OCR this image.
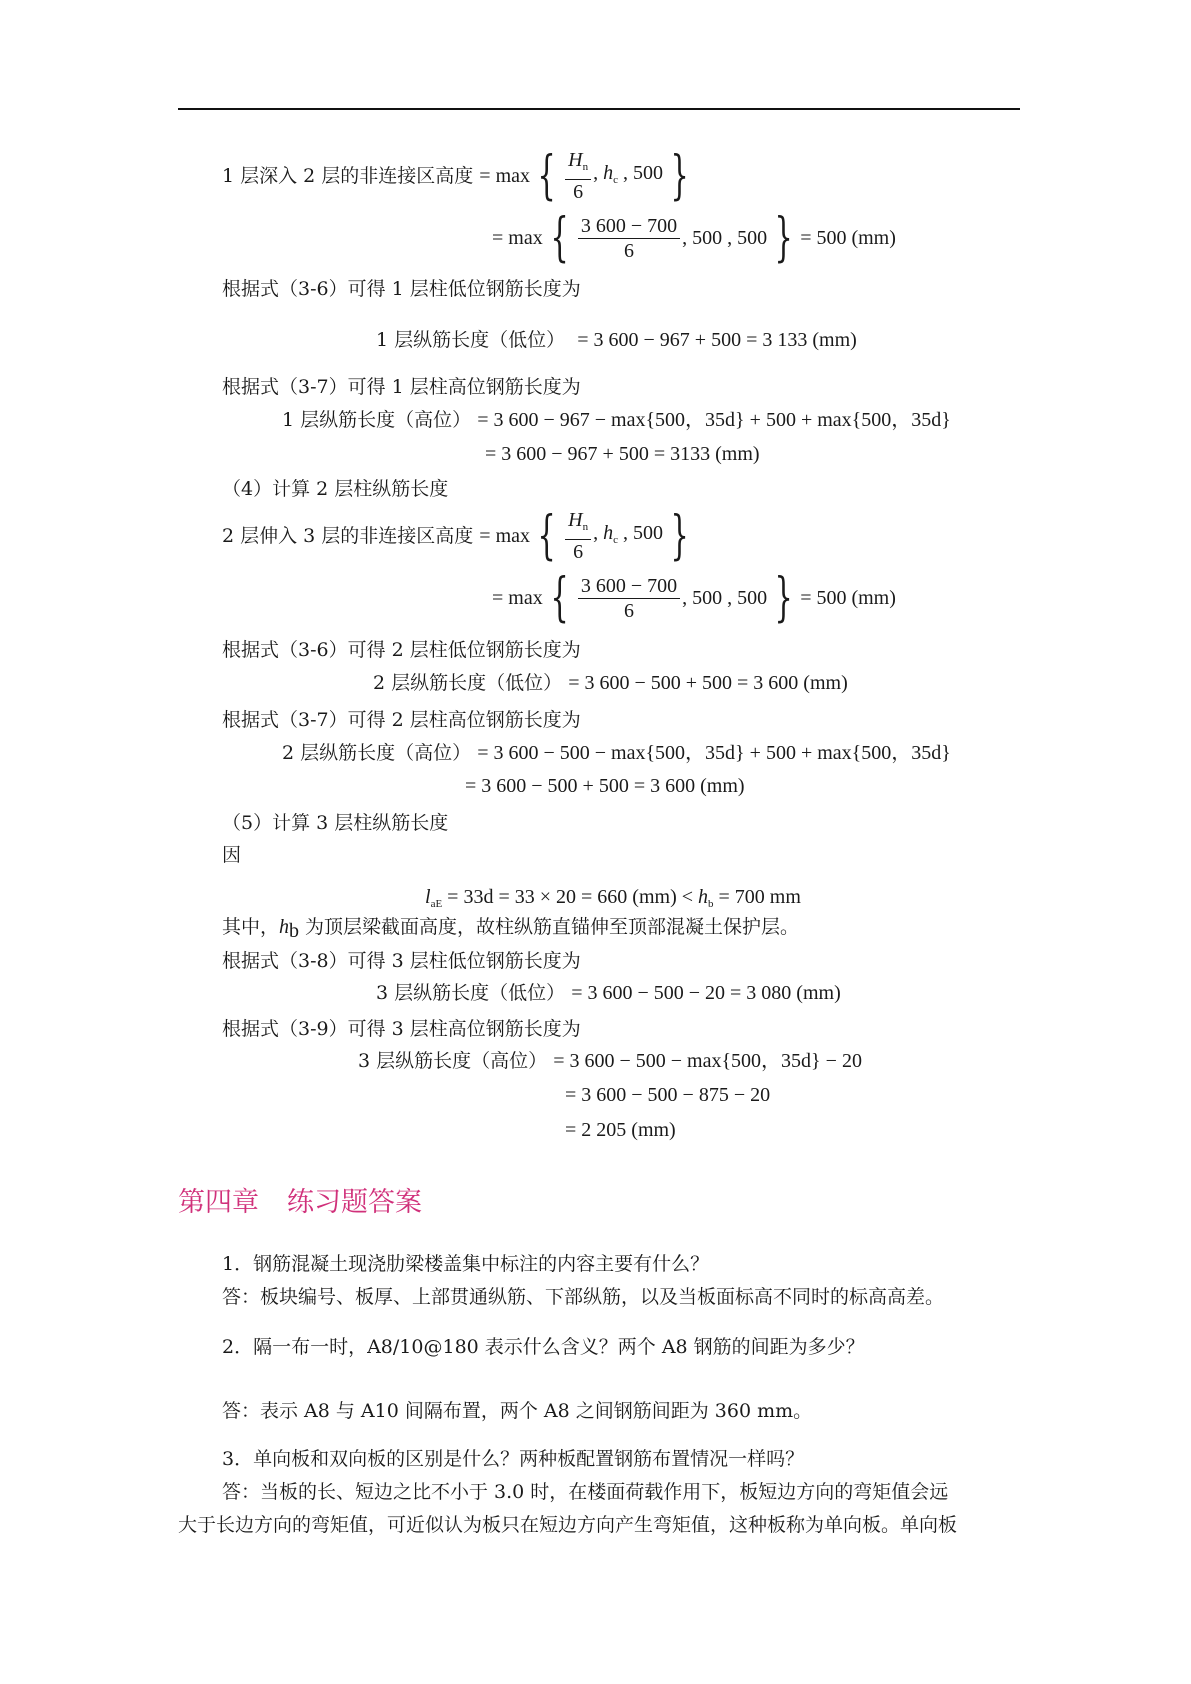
1 层深入 2 层的非连接区高度 = max { $\frac{H_n}{6}$ , $h_c$ , 500 }
= max { $\frac{3 600 - 700}{6}$ , 500 , 500 } = 500 (mm)
根据式（3-6）可得 1 层柱低位钢筋长度为
1 层纵筋长度（低位） = 3 600 − 967 + 500 = 3 133 (mm)
根据式（3-7）可得 1 层柱高位钢筋长度为
1 层纵筋长度（高位） = 3 600 − 967 − max{500，35d} + 500 + max{500，35d}
= 3 600 − 967 + 500 = 3133 (mm)
（4）计算 2 层柱纵筋长度
2 层伸入 3 层的非连接区高度 = max { $\frac{H_n}{6}$ , $h_c$ , 500 }
= max { $\frac{3 600 - 700}{6}$ , 500 , 500 } = 500 (mm)
根据式（3-6）可得 2 层柱低位钢筋长度为
2 层纵筋长度（低位） = 3 600 − 500 + 500 = 3 600 (mm)
根据式（3-7）可得 2 层柱高位钢筋长度为
2 层纵筋长度（高位） = 3 600 − 500 − max{500，35d} + 500 + max{500，35d}
= 3 600 − 500 + 500 = 3 600 (mm)
（5）计算 3 层柱纵筋长度
因
$l_{aE} = 33d = 33 \times 20 = 660$ $(mm) < h_b = 700$ mm
其中，$h_b$ 为顶层梁截面高度，故柱纵筋直锚伸至顶部混凝土保护层。
根据式（3-8）可得 3 层柱低位钢筋长度为
3 层纵筋长度（低位） = 3 600 − 500 − 20 = 3 080 (mm)
根据式（3-9）可得 3 层柱高位钢筋长度为
3 层纵筋长度（高位） = 3 600 − 500 − max{500，35d} − 20
= 3 600 − 500 − 875 − 20
= 2 205 (mm)
第四章 练习题答案
1．钢筋混凝土现浇肋梁楼盖集中标注的内容主要有什么？
答：板块编号、板厚、上部贯通纵筋、下部纵筋，以及当板面标高不同时的标高高差。
2．隔一布一时，A8/10@180 表示什么含义？两个 A8 钢筋的间距为多少？
答：表示 A8 与 A10 间隔布置，两个 A8 之间钢筋间距为 360 mm。
3．单向板和双向板的区别是什么？两种板配置钢筋布置情况一样吗？
答：当板的长、短边之比不小于 3.0 时，在楼面荷载作用下，板短边方向的弯矩值会远
大于长边方向的弯矩值，可近似认为板只在短边方向产生弯矩值，这种板称为单向板。单向板
